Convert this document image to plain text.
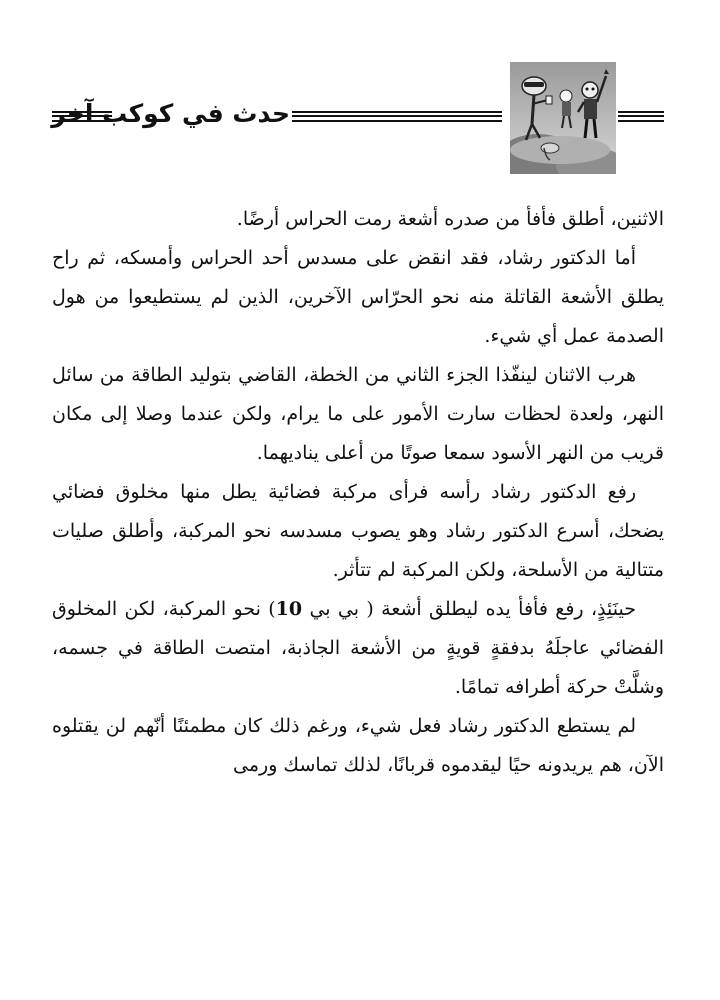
حدث في كوكب آخر

الاثنين، أطلق فأفأ من صدره أشعة رمت الحراس أرضًا.

أما الدكتور رشاد، فقد انقض على مسدس أحد الحراس وأمسكه، ثم راح يطلق الأشعة القاتلة منه نحو الحرّاس الآخرين، الذين لم يستطيعوا من هول الصدمة عمل أي شيء.

هرب الاثنان لينفّذا الجزء الثاني من الخطة، القاضي بتوليد الطاقة من سائل النهر، ولعدة لحظات سارت الأمور على ما يرام، ولكن عندما وصلا إلى مكان قريب من النهر الأسود سمعا صوتًا من أعلى يناديهما.

رفع الدكتور رشاد رأسه فرأى مركبة فضائية يطل منها مخلوق فضائي يضحك، أسرع الدكتور رشاد وهو يصوب مسدسه نحو المركبة، وأطلق صليات متتالية من الأسلحة، ولكن المركبة لم تتأثر.

حينَئِذٍ، رفع فأفأ يده ليطلق أشعة ( بي بي 10) نحو المركبة، لكن المخلوق الفضائي عاجلَهُ بدفقةٍ قويةٍ من الأشعة الجاذبة، امتصت الطاقة في جسمه، وشلَّتْ حركة أطرافه تمامًا.

لم يستطع الدكتور رشاد فعل شيء، ورغم ذلك كان مطمئنًا أنّهم لن يقتلوه الآن، هم يريدونه حيًا ليقدموه قربانًا، لذلك تماسك ورمى
